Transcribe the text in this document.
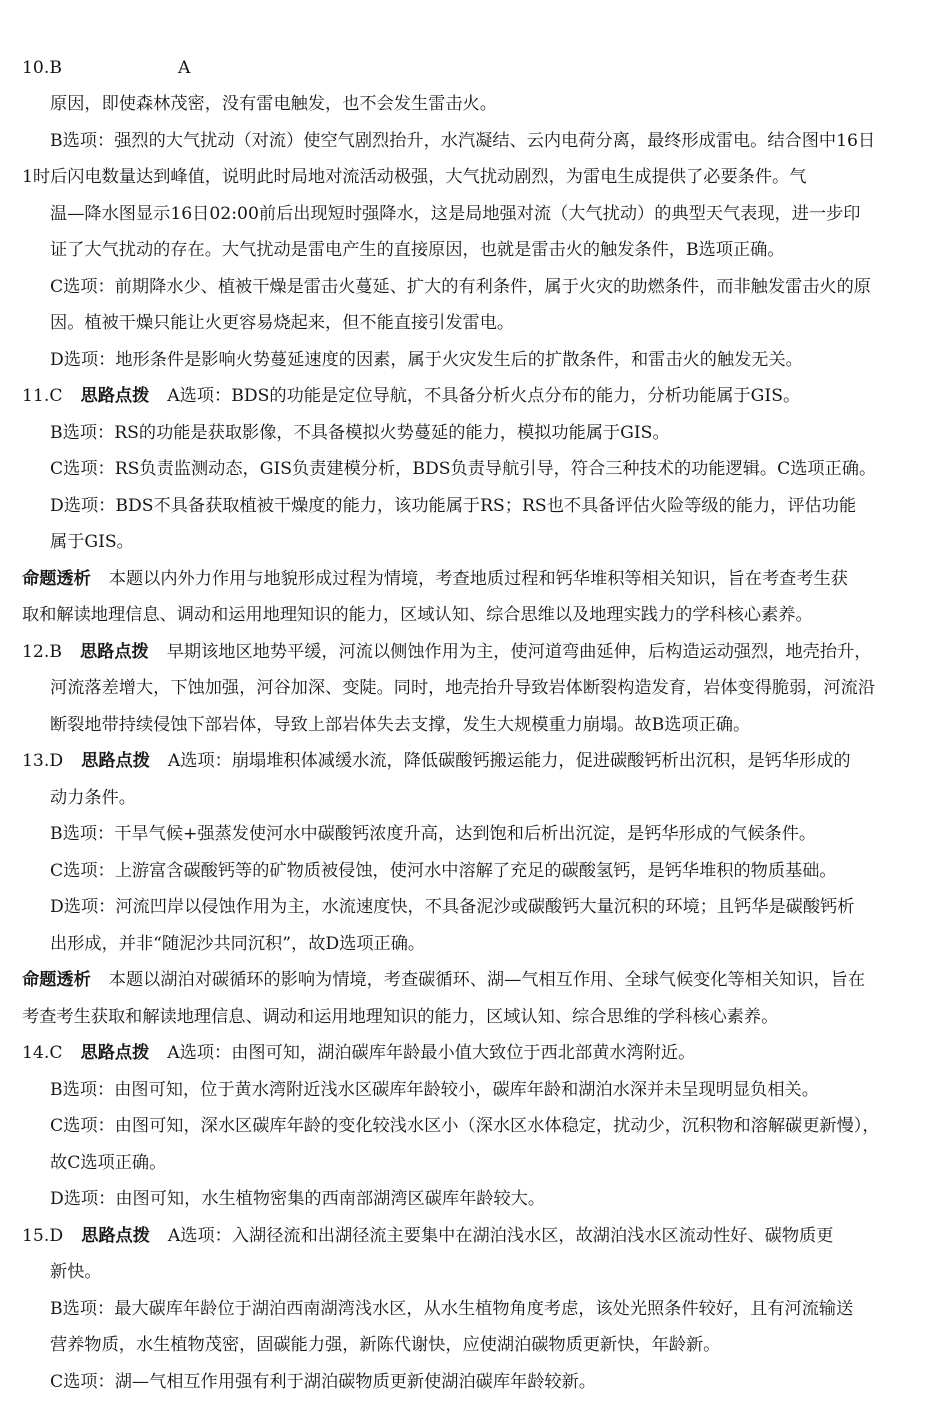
10.B	A
原因，即使森林茂密，没有雷电触发，也不会发生雷击火。
B选项：强烈的大气扰动（对流）使空气剧烈抬升，水汽凝结、云内电荷分离，最终形成雷电。结合图中16日
1时后闪电数量达到峰值，说明此时局地对流活动极强，大气扰动剧烈，为雷电生成提供了必要条件。气
温—降水图显示16日02:00前后出现短时强降水，这是局地强对流（大气扰动）的典型天气表现，进一步印
证了大气扰动的存在。大气扰动是雷电产生的直接原因，也就是雷击火的触发条件，B选项正确。
C选项：前期降水少、植被干燥是雷击火蔓延、扩大的有利条件，属于火灾的助燃条件，而非触发雷击火的原
因。植被干燥只能让火更容易烧起来，但不能直接引发雷电。
D选项：地形条件是影响火势蔓延速度的因素，属于火灾发生后的扩散条件，和雷击火的触发无关。
11.C 思路点拨 A选项：BDS的功能是定位导航，不具备分析火点分布的能力，分析功能属于GIS。
B选项：RS的功能是获取影像，不具备模拟火势蔓延的能力，模拟功能属于GIS。
C选项：RS负责监测动态，GIS负责建模分析，BDS负责导航引导，符合三种技术的功能逻辑。C选项正确。
D选项：BDS不具备获取植被干燥度的能力，该功能属于RS；RS也不具备评估火险等级的能力，评估功能
属于GIS。
命题透析 本题以内外力作用与地貌形成过程为情境，考查地质过程和钙华堆积等相关知识，旨在考查考生获
取和解读地理信息、调动和运用地理知识的能力，区域认知、综合思维以及地理实践力的学科核心素养。
12.B 思路点拨 早期该地区地势平缓，河流以侧蚀作用为主，使河道弯曲延伸，后构造运动强烈，地壳抬升，
河流落差增大，下蚀加强，河谷加深、变陡。同时，地壳抬升导致岩体断裂构造发育，岩体变得脆弱，河流沿
断裂地带持续侵蚀下部岩体，导致上部岩体失去支撑，发生大规模重力崩塌。故B选项正确。
13.D 思路点拨 A选项：崩塌堆积体减缓水流，降低碳酸钙搬运能力，促进碳酸钙析出沉积，是钙华形成的
动力条件。
B选项：干旱气候+强蒸发使河水中碳酸钙浓度升高，达到饱和后析出沉淀，是钙华形成的气候条件。
C选项：上游富含碳酸钙等的矿物质被侵蚀，使河水中溶解了充足的碳酸氢钙，是钙华堆积的物质基础。
D选项：河流凹岸以侵蚀作用为主，水流速度快，不具备泥沙或碳酸钙大量沉积的环境；且钙华是碳酸钙析
出形成，并非“随泥沙共同沉积”，故D选项正确。
命题透析 本题以湖泊对碳循环的影响为情境，考查碳循环、湖—气相互作用、全球气候变化等相关知识，旨在
考查考生获取和解读地理信息、调动和运用地理知识的能力，区域认知、综合思维的学科核心素养。
14.C 思路点拨 A选项：由图可知，湖泊碳库年龄最小值大致位于西北部黄水湾附近。
B选项：由图可知，位于黄水湾附近浅水区碳库年龄较小，碳库年龄和湖泊水深并未呈现明显负相关。
C选项：由图可知，深水区碳库年龄的变化较浅水区小（深水区水体稳定，扰动少，沉积物和溶解碳更新慢），
故C选项正确。
D选项：由图可知，水生植物密集的西南部湖湾区碳库年龄较大。
15.D 思路点拨 A选项：入湖径流和出湖径流主要集中在湖泊浅水区，故湖泊浅水区流动性好、碳物质更
新快。
B选项：最大碳库年龄位于湖泊西南湖湾浅水区，从水生植物角度考虑，该处光照条件较好，且有河流输送
营养物质，水生植物茂密，固碳能力强，新陈代谢快，应使湖泊碳物质更新快，年龄新。
C选项：湖—气相互作用强有利于湖泊碳物质更新使湖泊碳库年龄较新。
